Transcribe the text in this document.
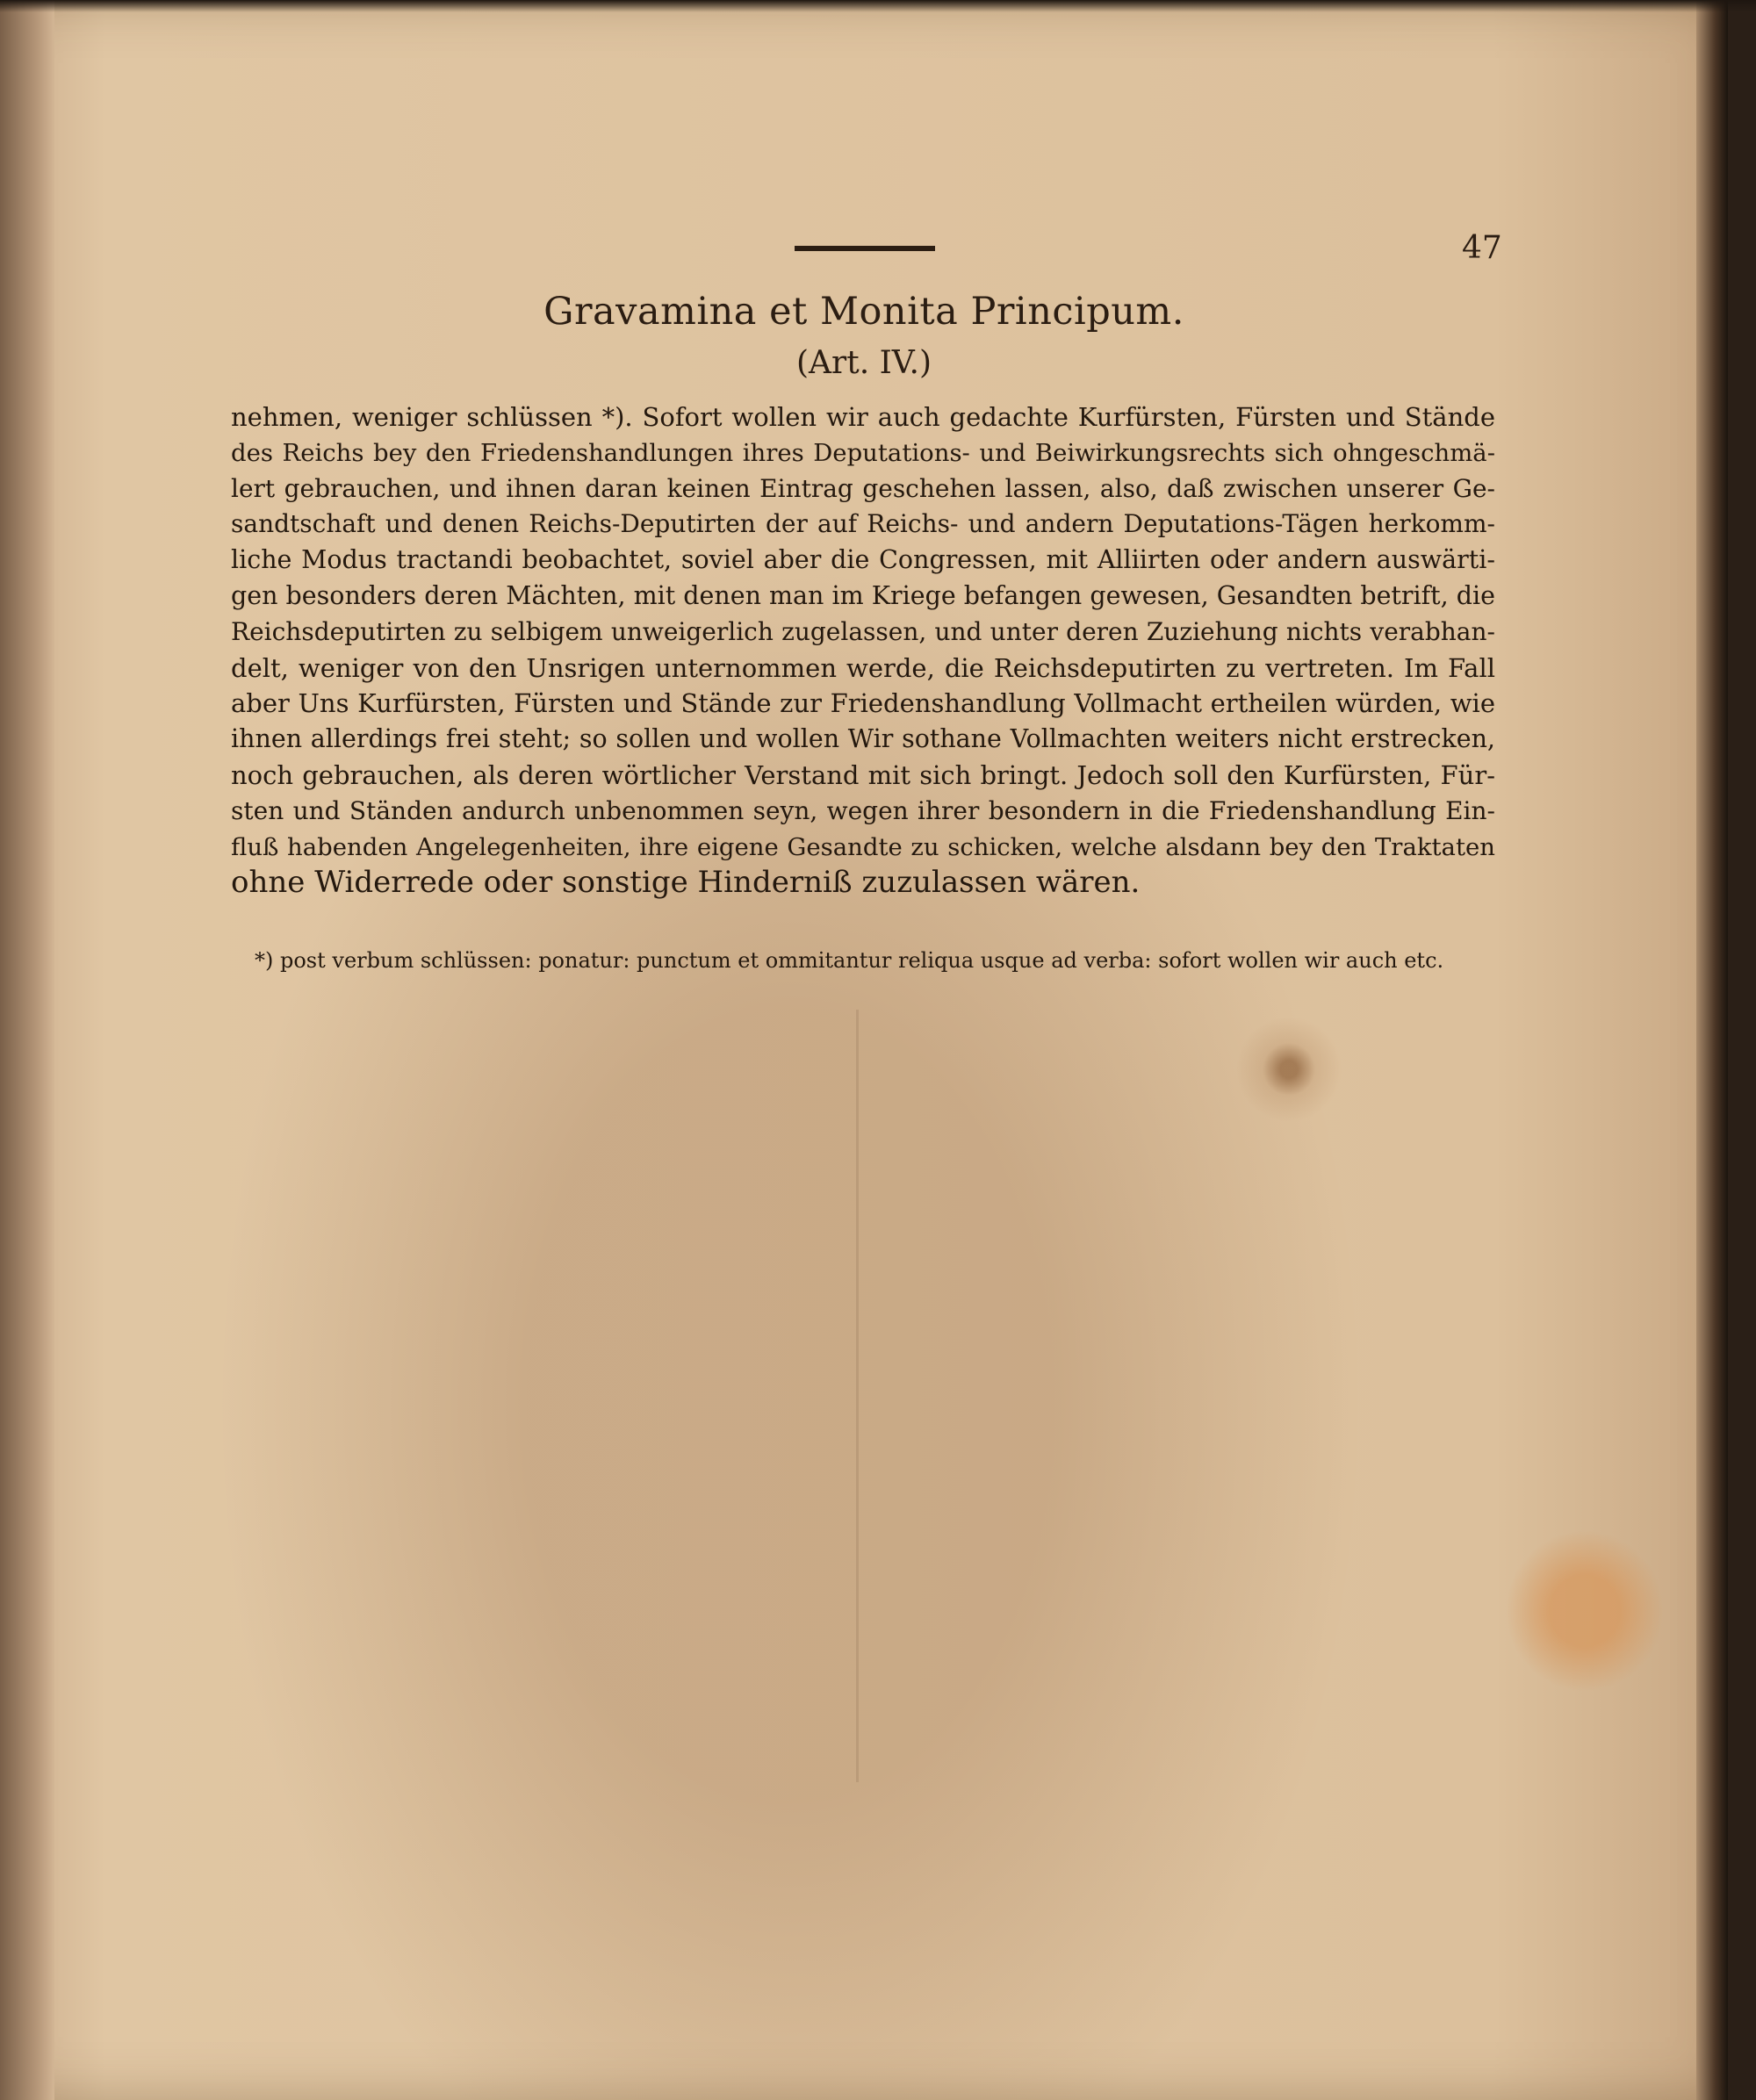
47
Gravamina et Monita Principum.
(Art. IV.)
nehmen, weniger schlüssen *). Sofort wollen wir auch gedachte Kurfürsten, Fürsten und Stände
des Reichs bey den Friedenshandlungen ihres Deputations- und Beiwirkungsrechts sich ohngeschmä-
lert gebrauchen, und ihnen daran keinen Eintrag geschehen lassen, also, daß zwischen unserer Ge-
sandtschaft und denen Reichs-Deputirten der auf Reichs- und andern Deputations-Tägen herkomm-
liche Modus tractandi beobachtet, soviel aber die Congressen, mit Alliirten oder andern auswärti-
gen besonders deren Mächten, mit denen man im Kriege befangen gewesen, Gesandten betrift, die
Reichsdeputirten zu selbigem unweigerlich zugelassen, und unter deren Zuziehung nichts verabhan-
delt, weniger von den Unsrigen unternommen werde, die Reichsdeputirten zu vertreten. Im Fall
aber Uns Kurfürsten, Fürsten und Stände zur Friedenshandlung Vollmacht ertheilen würden, wie
ihnen allerdings frei steht; so sollen und wollen Wir sothane Vollmachten weiters nicht erstrecken,
noch gebrauchen, als deren wörtlicher Verstand mit sich bringt. Jedoch soll den Kurfürsten, Für-
sten und Ständen andurch unbenommen seyn, wegen ihrer besondern in die Friedenshandlung Ein-
fluß habenden Angelegenheiten, ihre eigene Gesandte zu schicken, welche alsdann bey den Traktaten
ohne Widerrede oder sonstige Hinderniß zuzulassen wären.
*) post verbum schlüssen: ponatur: punctum et ommitantur reliqua usque ad verba: sofort wollen wir auch etc.
